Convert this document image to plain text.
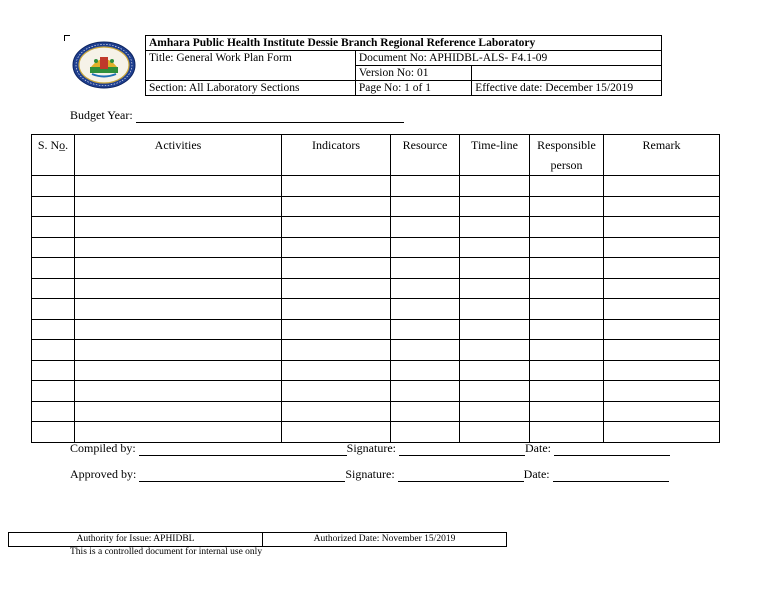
Amhara Public Health Institute Dessie Branch Regional Reference Laboratory		
Title: General Work Plan Form	Document No: APHIDBL-ALS- F4.1-09	
	Version No: 01	
Section: All Laboratory Sections	Page No: 1 of 1	Effective date: December 15/2019
Budget Year:
S. No̲.	Activities	Indicators	Resource	Time-line	Responsible person	Remark

Compiled by:	Signature:	Date:
Approved by:	Signature:	Date:
Authority for Issue: APHIDBL	Authorized Date: November 15/2019
This is a controlled document for internal use only
